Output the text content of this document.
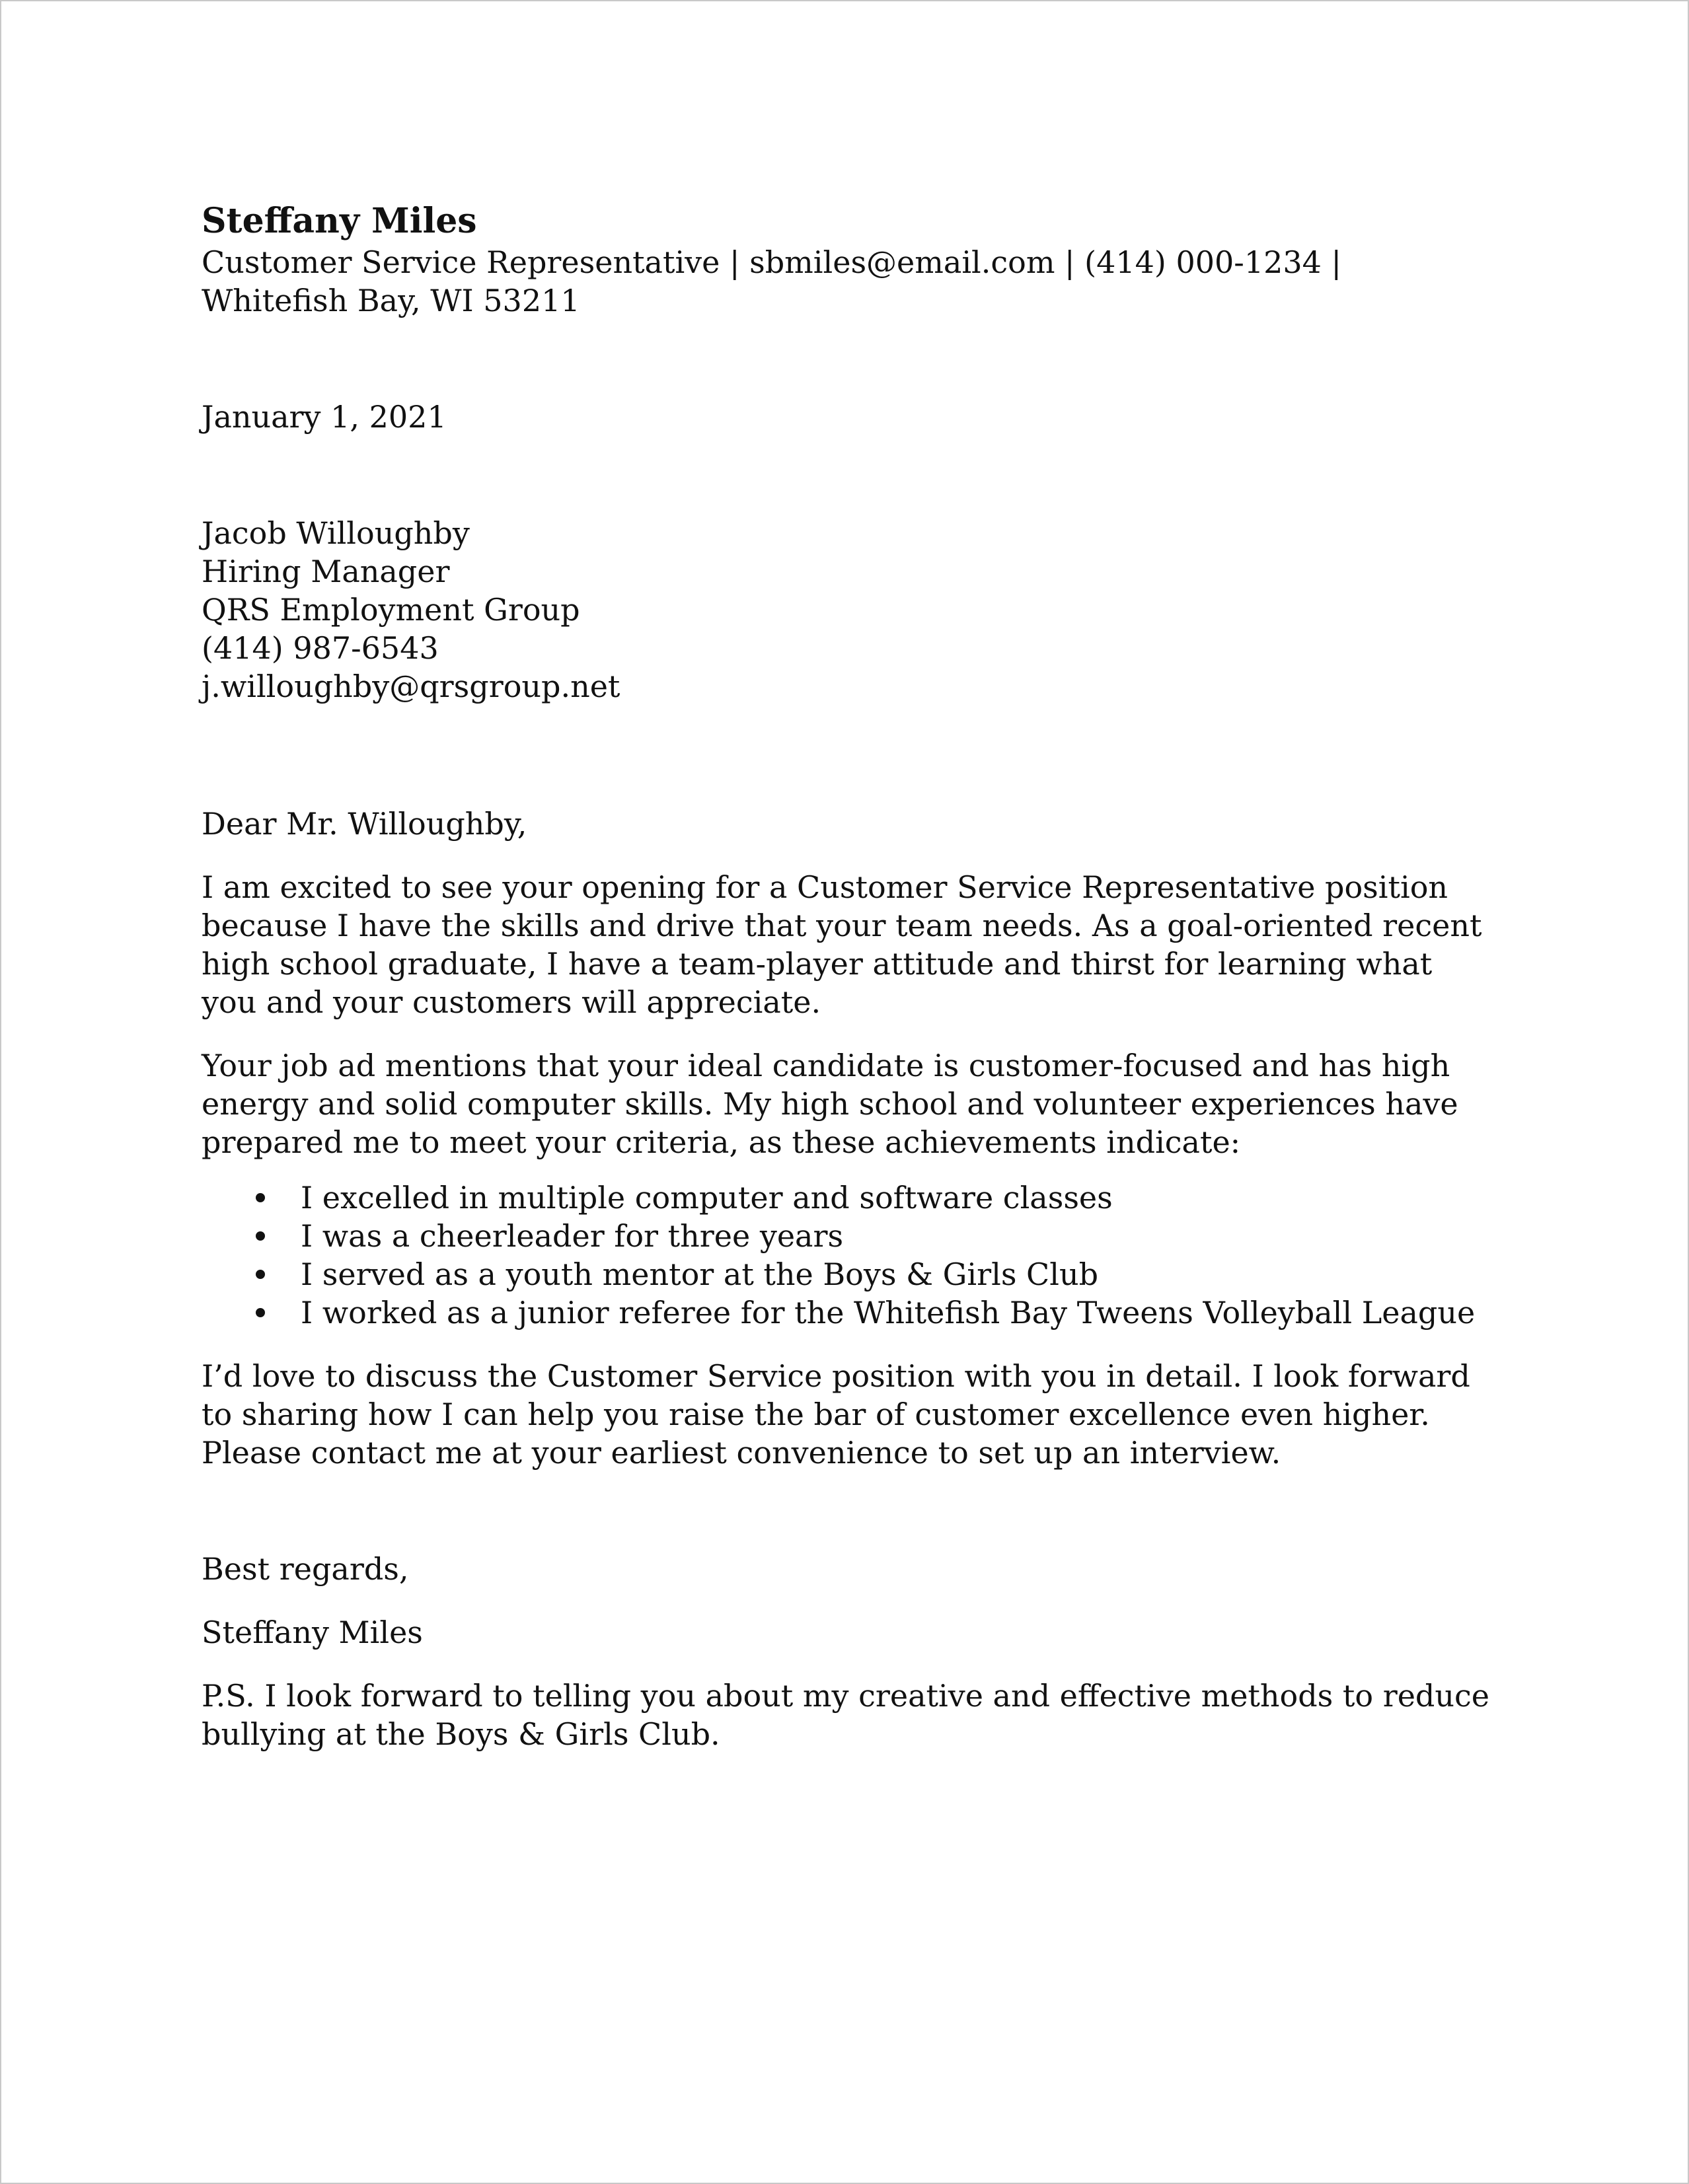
Steffany Miles

Customer Service Representative | sbmiles@email.com | (414) 000-1234 | Whitefish Bay, WI 53211

January 1, 2021

Jacob Willoughby
Hiring Manager
QRS Employment Group
(414) 987-6543
j.willoughby@qrsgroup.net

Dear Mr. Willoughby,

I am excited to see your opening for a Customer Service Representative position because I have the skills and drive that your team needs. As a goal-oriented recent high school graduate, I have a team-player attitude and thirst for learning what you and your customers will appreciate.

Your job ad mentions that your ideal candidate is customer-focused and has high energy and solid computer skills. My high school and volunteer experiences have prepared me to meet your criteria, as these achievements indicate:

I excelled in multiple computer and software classes
I was a cheerleader for three years
I served as a youth mentor at the Boys & Girls Club
I worked as a junior referee for the Whitefish Bay Tweens Volleyball League

I’d love to discuss the Customer Service position with you in detail. I look forward to sharing how I can help you raise the bar of customer excellence even higher. Please contact me at your earliest convenience to set up an interview.

Best regards,

Steffany Miles

P.S. I look forward to telling you about my creative and effective methods to reduce bullying at the Boys & Girls Club.
